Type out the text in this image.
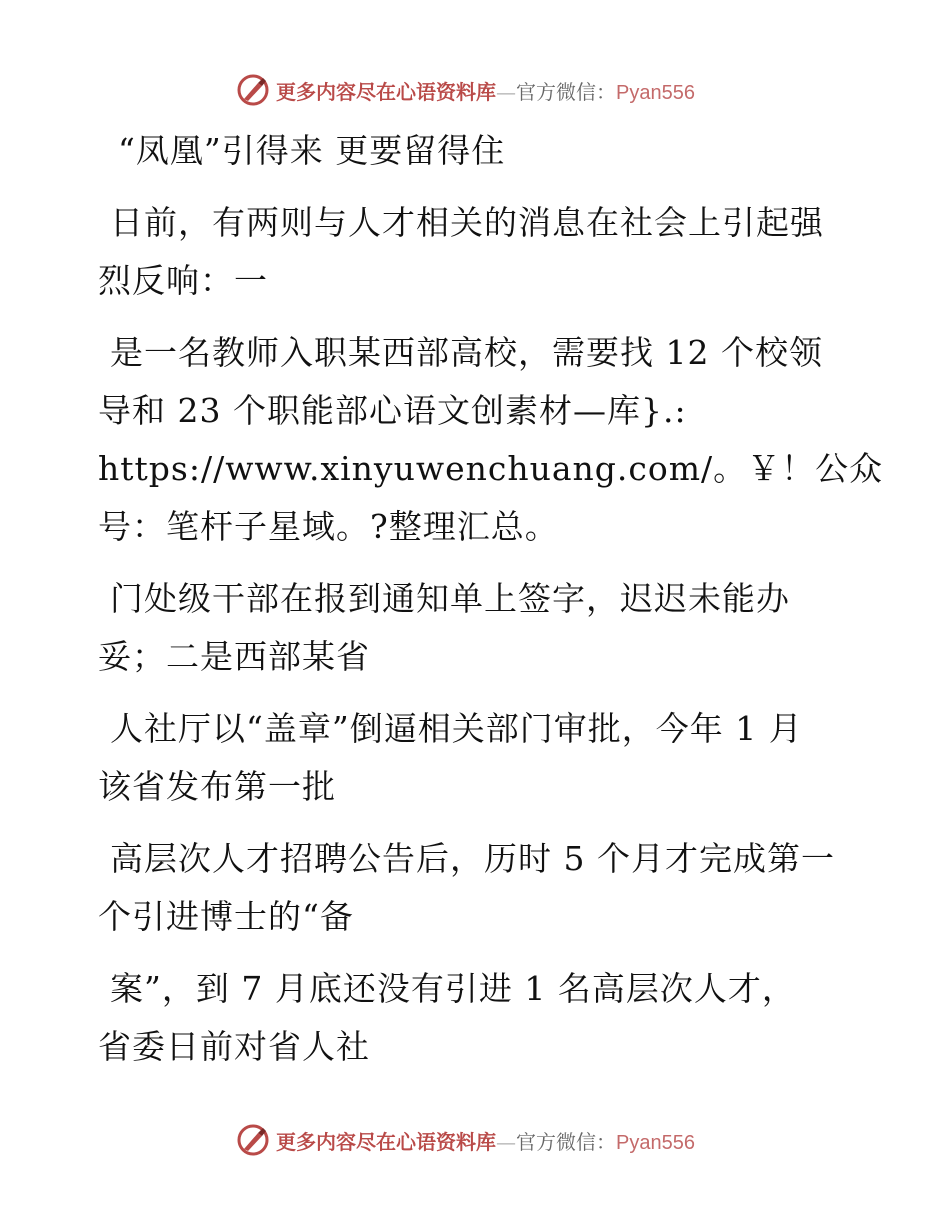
更多内容尽在心语资料库—官方微信：Pyan556
“凤凰”引得来 更要留得住
日前，有两则与人才相关的消息在社会上引起强
烈反响：一
是一名教师入职某西部高校，需要找 12 个校领
导和 23 个职能部心语文创素材—库}.:
https://www.xinyuwenchuang.com/。￥！公众
号：笔杆子星域。?整理汇总。
门处级干部在报到通知单上签字，迟迟未能办
妥；二是西部某省
人社厅以“盖章”倒逼相关部门审批，今年 1 月
该省发布第一批
高层次人才招聘公告后，历时 5 个月才完成第一
个引进博士的“备
案”，到 7 月底还没有引进 1 名高层次人才，
省委日前对省人社
更多内容尽在心语资料库—官方微信：Pyan556
